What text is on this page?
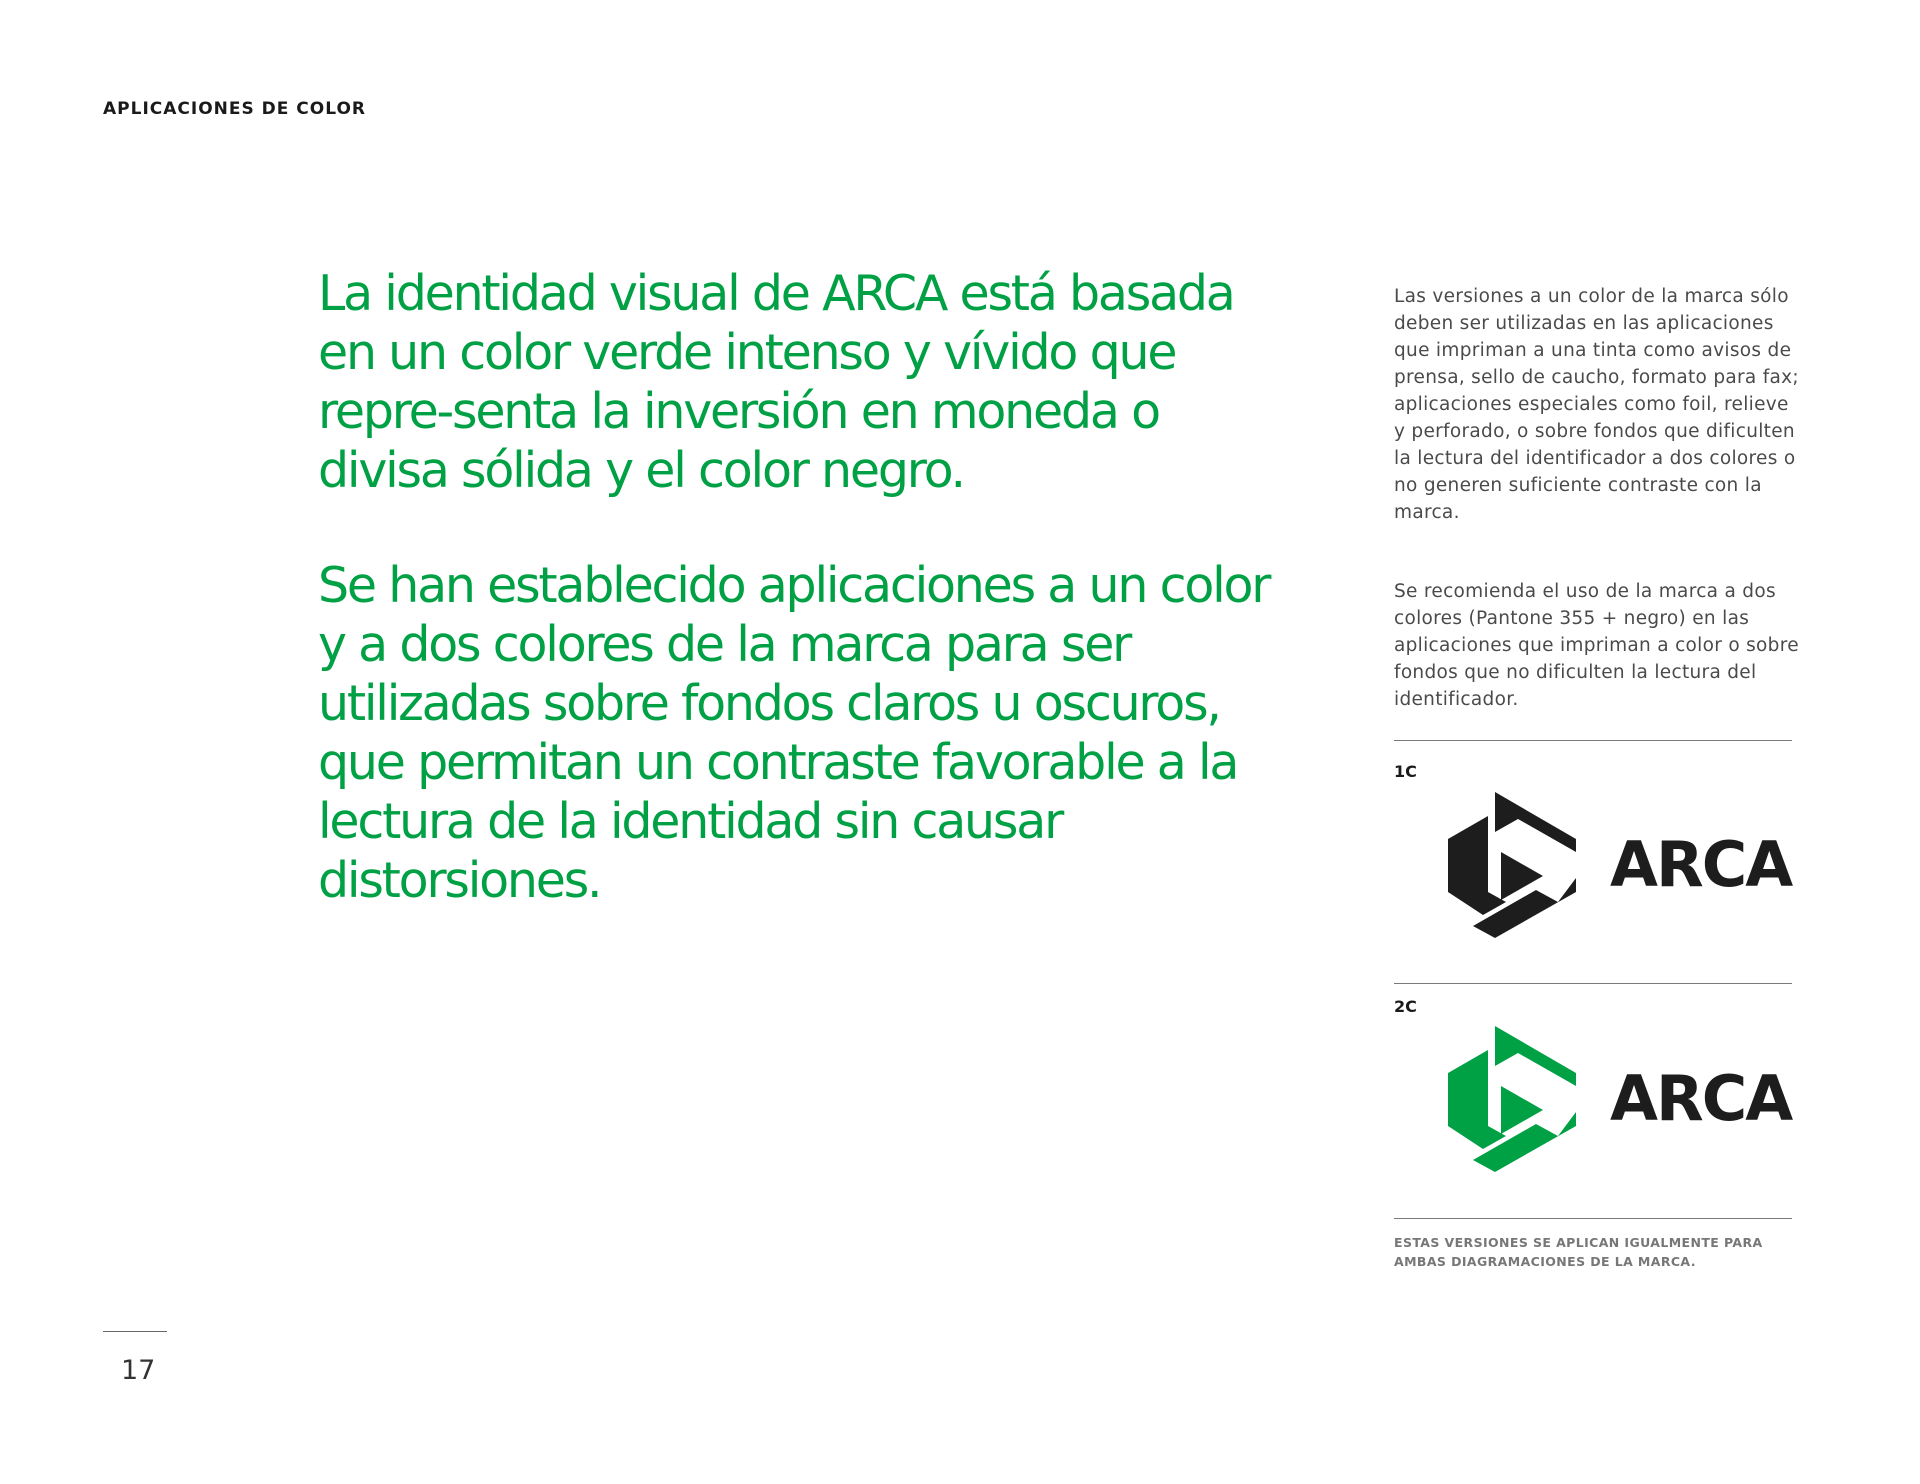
APLICACIONES DE COLOR

La identidad visual de ARCA está basada en un color verde intenso y vívido que repre-senta la inversión en moneda o divisa sólida y el color negro.

Se han establecido aplicaciones a un color y a dos colores de la marca para ser utilizadas sobre fondos claros u oscuros, que permitan un contraste favorable a la lectura de la identidad sin causar distorsiones.

Las versiones a un color de la marca sólo deben ser utilizadas en las aplicaciones que impriman a una tinta como avisos de prensa, sello de caucho, formato para fax; aplicaciones especiales como foil, relieve y perforado, o sobre fondos que dificulten la lectura del identificador a dos colores o no generen suficiente contraste con la marca.

Se recomienda el uso de la marca a dos colores (Pantone 355 + negro) en las aplicaciones que impriman a color o sobre fondos que no dificulten la lectura del identificador.

1C

ARCA

2C

ARCA

ESTAS VERSIONES SE APLICAN IGUALMENTE PARA AMBAS DIAGRAMACIONES DE LA MARCA.

17
